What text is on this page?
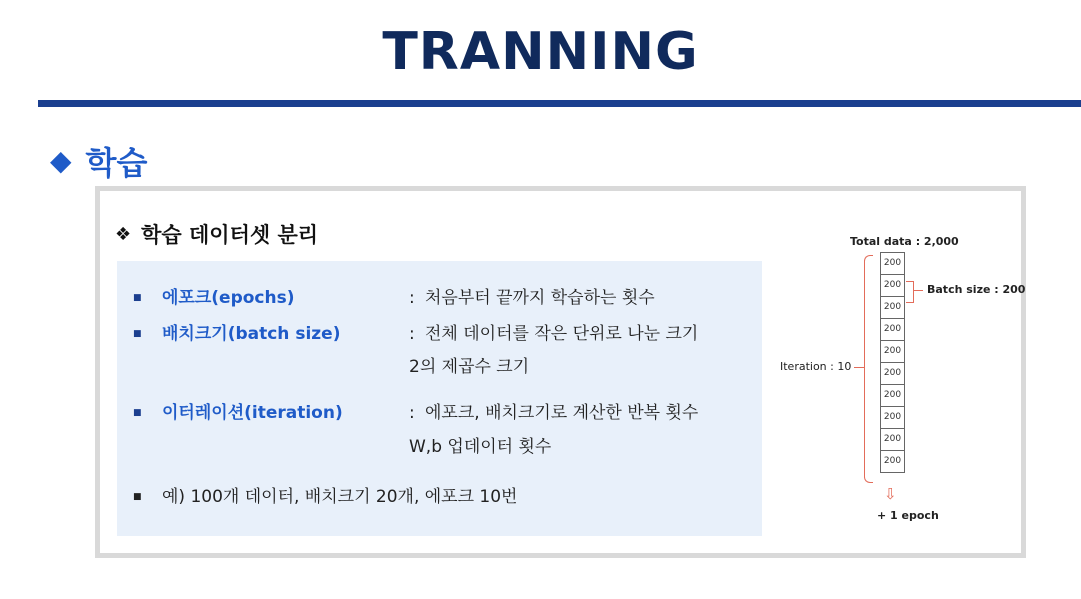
TRANNING
◆ 학습
❖ 학습 데이터셋 분리
■ 에포크(epochs)	: 처음부터 끝까지 학습하는 횟수
■ 배치크기(batch size)	: 전체 데이터를 작은 단위로 나눈 크기
2의 제곱수 크기
■ 이터레이션(iteration)	: 에포크, 배치크기로 계산한 반복 횟수
W,b 업데이터 횟수
■ 예) 100개 데이터, 배치크기 20개, 에포크 10번
Total data : 2,000
200
200
200
200
200
200
200
200
200
200
Iteration : 10
Batch size : 200
⇩
+ 1 epoch
